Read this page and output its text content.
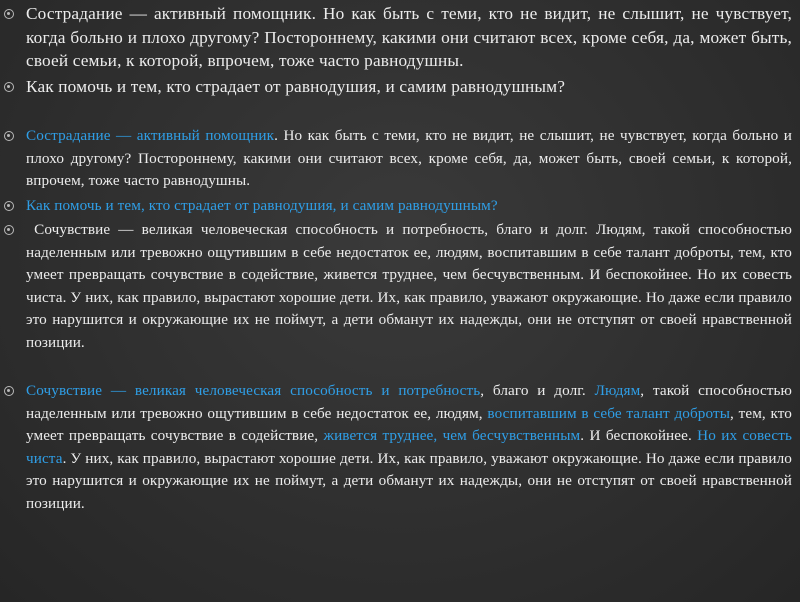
Сострадание — активный помощник. Но как быть с теми, кто не видит, не слышит, не чувствует, когда больно и плохо другому? Постороннему, какими они считают всех, кроме себя, да, может быть, своей семьи, к которой, впрочем, тоже часто равнодушны.
Как помочь и тем, кто страдает от равнодушия, и самим равнодушным?
Сострадание — активный помощник. Но как быть с теми, кто не видит, не слышит, не чувствует, когда больно и плохо другому? Постороннему, какими они считают всех, кроме себя, да, может быть, своей семьи, к которой, впрочем, тоже часто равнодушны.
Как помочь и тем, кто страдает от равнодушия, и самим равнодушным?
Сочувствие — великая человеческая способность и потребность, благо и долг. Людям, такой способностью наделенным или тревожно ощутившим в себе недостаток ее, людям, воспитавшим в себе талант доброты, тем, кто умеет превращать сочувствие в содействие, живется труднее, чем бесчувственным. И беспокойнее. Но их совесть чиста. У них, как правило, вырастают хорошие дети. Их, как правило, уважают окружающие. Но даже если правило это нарушится и окружающие их не поймут, а дети обманут их надежды, они не отступят от своей нравственной позиции.
Сочувствие — великая человеческая способность и потребность, благо и долг. Людям, такой способностью наделенным или тревожно ощутившим в себе недостаток ее, людям, воспитавшим в себе талант доброты, тем, кто умеет превращать сочувствие в содействие, живется труднее, чем бесчувственным. И беспокойнее. Но их совесть чиста. У них, как правило, вырастают хорошие дети. Их, как правило, уважают окружающие. Но даже если правило это нарушится и окружающие их не поймут, а дети обманут их надежды, они не отступят от своей нравственной позиции.
